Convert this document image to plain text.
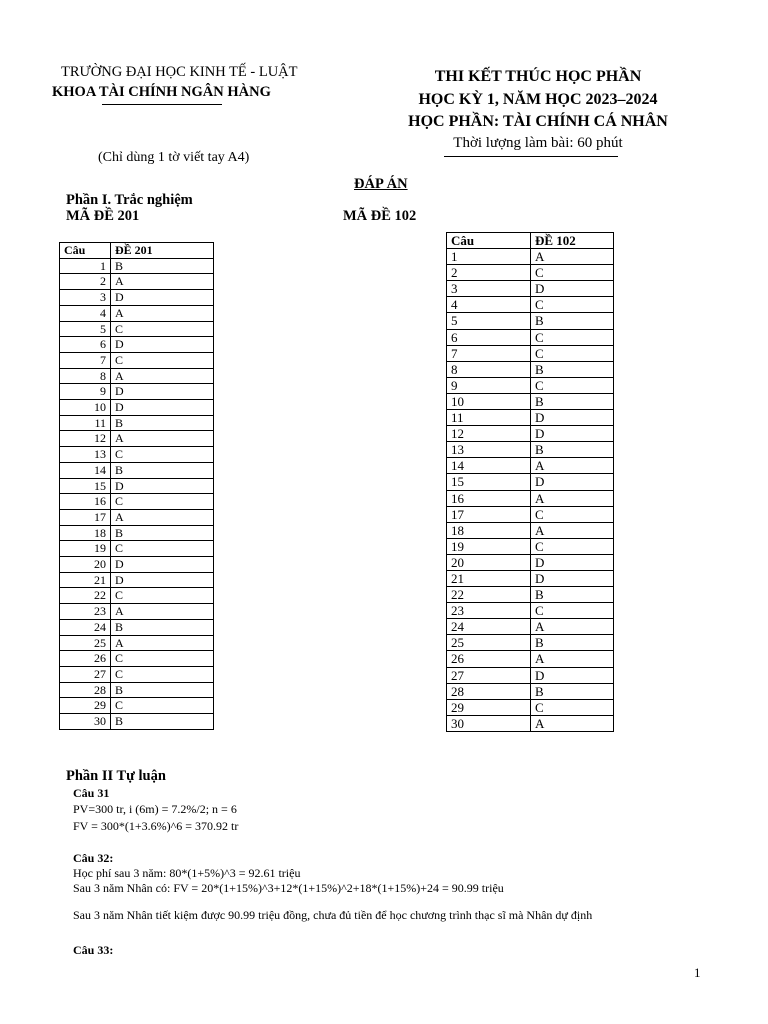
TRƯỜNG ĐẠI HỌC KINH TẾ - LUẬT
KHOA TÀI CHÍNH NGÂN HÀNG
THI KẾT THÚC HỌC PHẦN
HỌC KỲ 1, NĂM HỌC 2023–2024
HỌC PHẦN: TÀI CHÍNH CÁ NHÂN
Thời lượng làm bài: 60 phút
(Chỉ dùng 1 tờ viết tay A4)
ĐÁP ÁN
Phần I. Trắc nghiệm
MÃ ĐỀ 201	MÃ ĐỀ 102
Câu	ĐỀ 201
1	B
2	A
3	D
4	A
5	C
6	D
7	C
8	A
9	D
10	D
11	B
12	A
13	C
14	B
15	D
16	C
17	A
18	B
19	C
20	D
21	D
22	C
23	A
24	B
25	A
26	C
27	C
28	B
29	C
30	B
Câu	ĐỀ 102
1	A
2	C
3	D
4	C
5	B
6	C
7	C
8	B
9	C
10	B
11	D
12	D
13	B
14	A
15	D
16	A
17	C
18	A
19	C
20	D
21	D
22	B
23	C
24	A
25	B
26	A
27	D
28	B
29	C
30	A
Phần II Tự luận
Câu 31
PV=300 tr, i (6m) = 7.2%/2; n = 6
FV = 300*(1+3.6%)^6 = 370.92 tr
Câu 32:
Học phí sau 3 năm: 80*(1+5%)^3 = 92.61 triệu
Sau 3 năm Nhân có: FV = 20*(1+15%)^3+12*(1+15%)^2+18*(1+15%)+24 = 90.99 triệu
Sau 3 năm Nhân tiết kiệm được 90.99 triệu đồng, chưa đủ tiền để học chương trình thạc sĩ mà Nhân dự định
Câu 33:
1
